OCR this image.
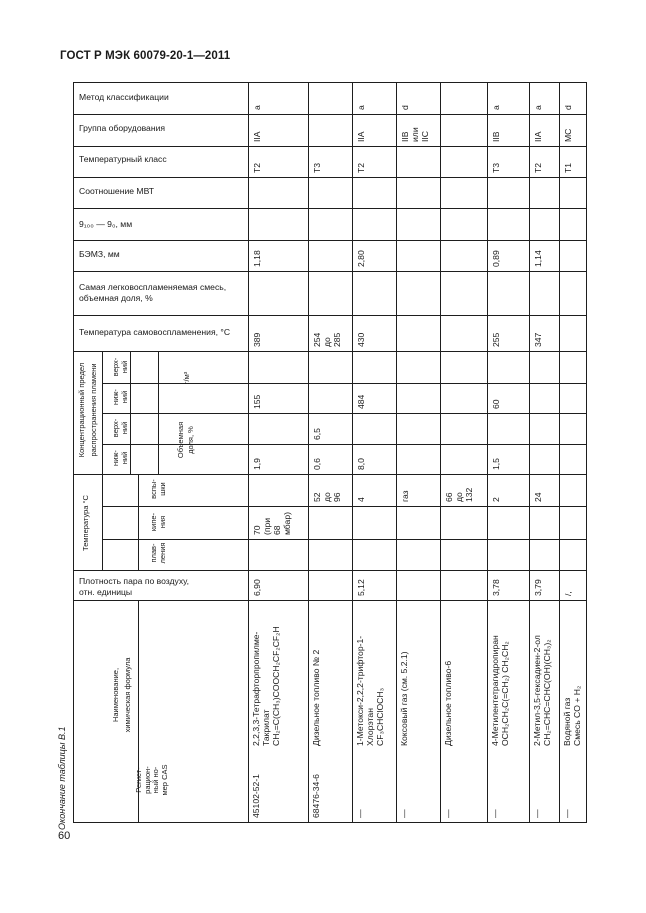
ГОСТ Р МЭК 60079-20-1—2011
60
Окончание таблицы В.1
Метод классификации
Группа оборудования
Температурный класс
Соотношение МВТ
9₁₀₀ — 9₀, мм
БЭМЗ, мм
Самая легковоспламеняемая смесь,
объемная доля, %
Температура самовоспламенения, °С
Плотность пара по воздуху,
отн. единицы
Концентрационный предел распространения пламени верх-
ний
ниж-
ний
верх-
ний
ниж-
ний
г/м³
Объемная доля, %
Температура °С
вспы-
шки
кипе-
ния
плав-
ления
Наименование, химическая формула
Регист-
рацион-
ный но-
мер CAS
a
IIA
T2
1,18
389
155
1,9
70
(при
68
мбар)
6,90
45102-52-1
2,2,3,3-Тетрафторпропилме-
Такрилат
CH₂=C(CH₃)COOCH₂CF₂CF₂H
T3
254
до
285
6,5
0,6
52
до
96
68476-34-6
Дизельное топливо № 2
a
IIA
T2
2,80
430
484
8,0
4
5,12
—
1-Метокси-2,2,2-трифтор-1-
Хлорэтан
CF₃CHClOCH₃
d
IIB
или
IIC
газ
—
Коксовый газ (см. 5.2.1)
66
до
132
—
Дизельное топливо-6
a
IIB
T3
0,89
255
60
1,5
2
3,78
—
4-Метилентетрагидропиран
OCH₂CH₂C(=CH₂) CH₂CH₂
a
IIA
T2
1,14
347
24
3,79
—
2-Метил-3,5-гексадиен-2-ол
CH₂=CHC=CHC(OH)(CH₃)₂
d
MC
T1
/,
—
Водяной газ
Смесь CO + H₂
